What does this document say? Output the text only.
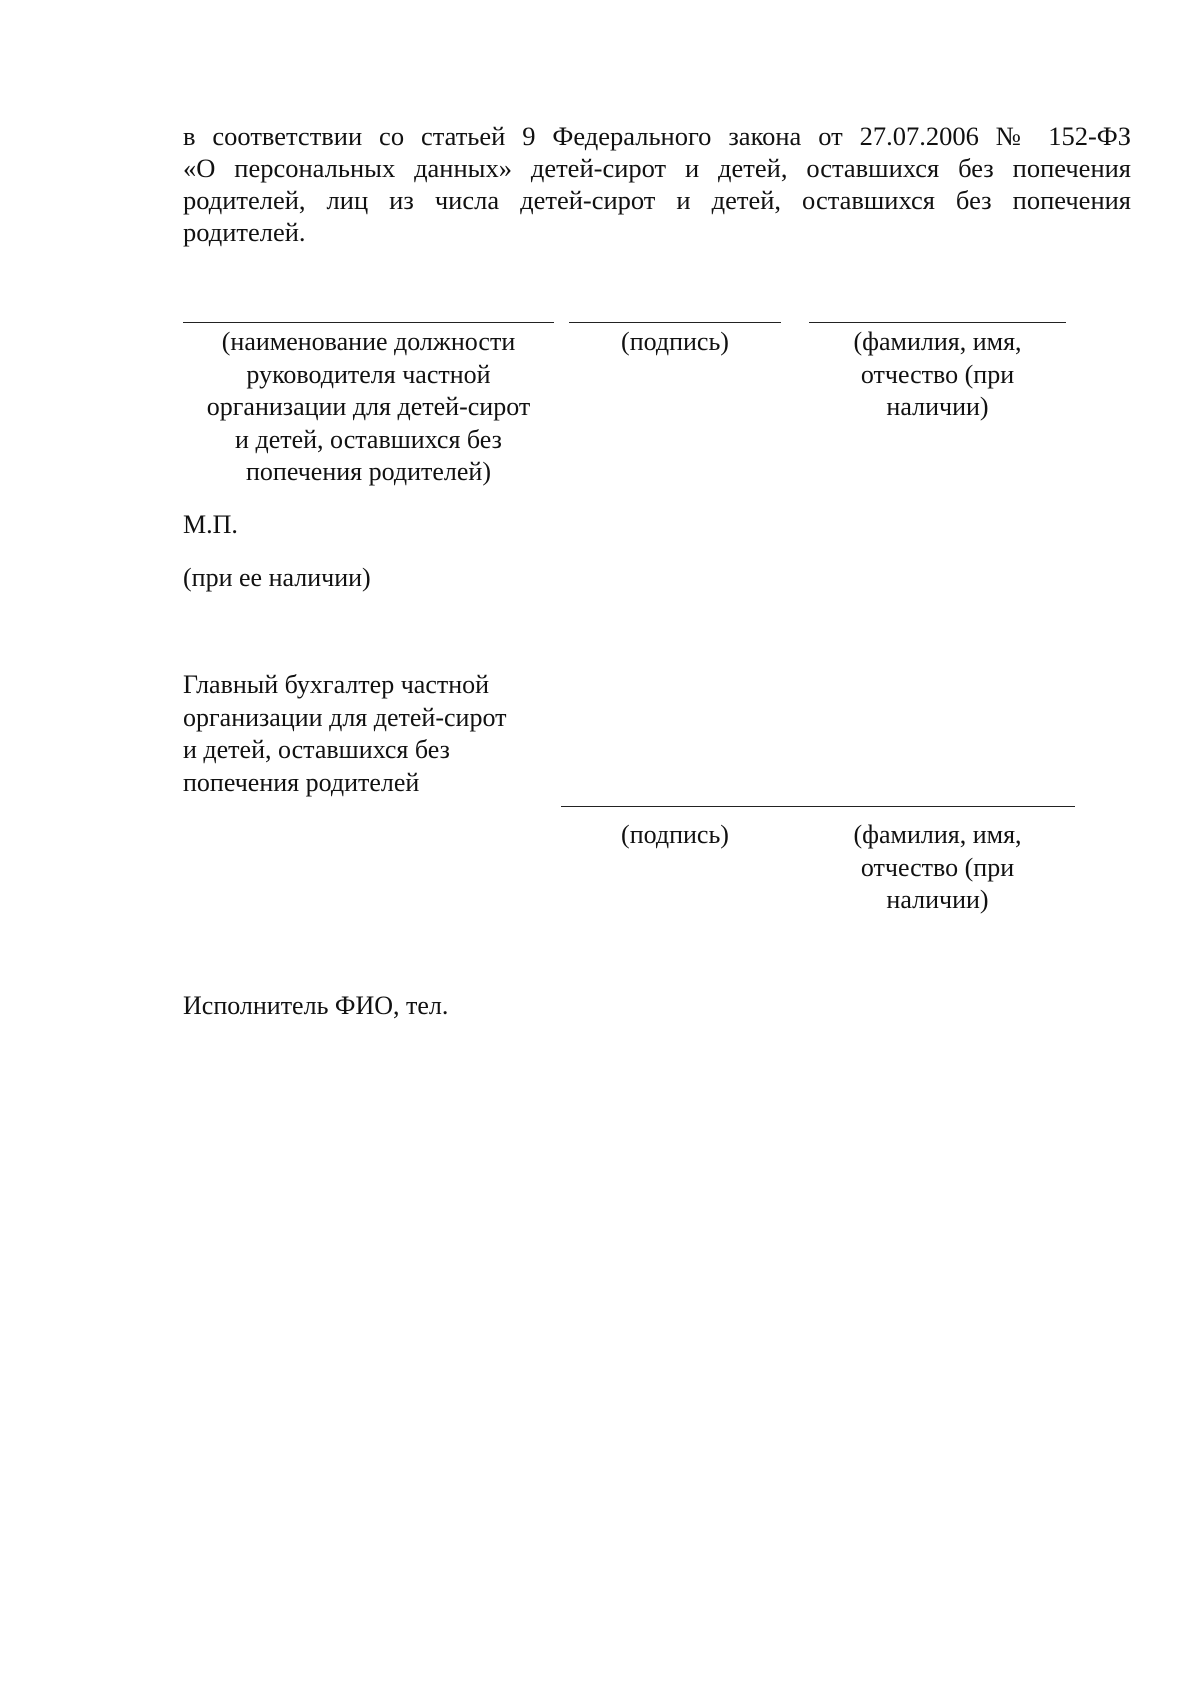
в соответствии со статьей 9 Федерального закона от 27.07.2006 № 152-ФЗ
«О персональных данных» детей-сирот и детей, оставшихся без попечения
родителей, лиц из числа детей-сирот и детей, оставшихся без попечения
родителей.
(наименование должности
руководителя частной
организации для детей-сирот
и детей, оставшихся без
попечения родителей)
(подпись)	(фамилия, имя,
отчество (при
наличии)
М.П.
(при ее наличии)
Главный бухгалтер частной
организации для детей-сирот
и детей, оставшихся без
попечения родителей
(подпись)	(фамилия, имя,
отчество (при
наличии)
Исполнитель ФИО, тел.
